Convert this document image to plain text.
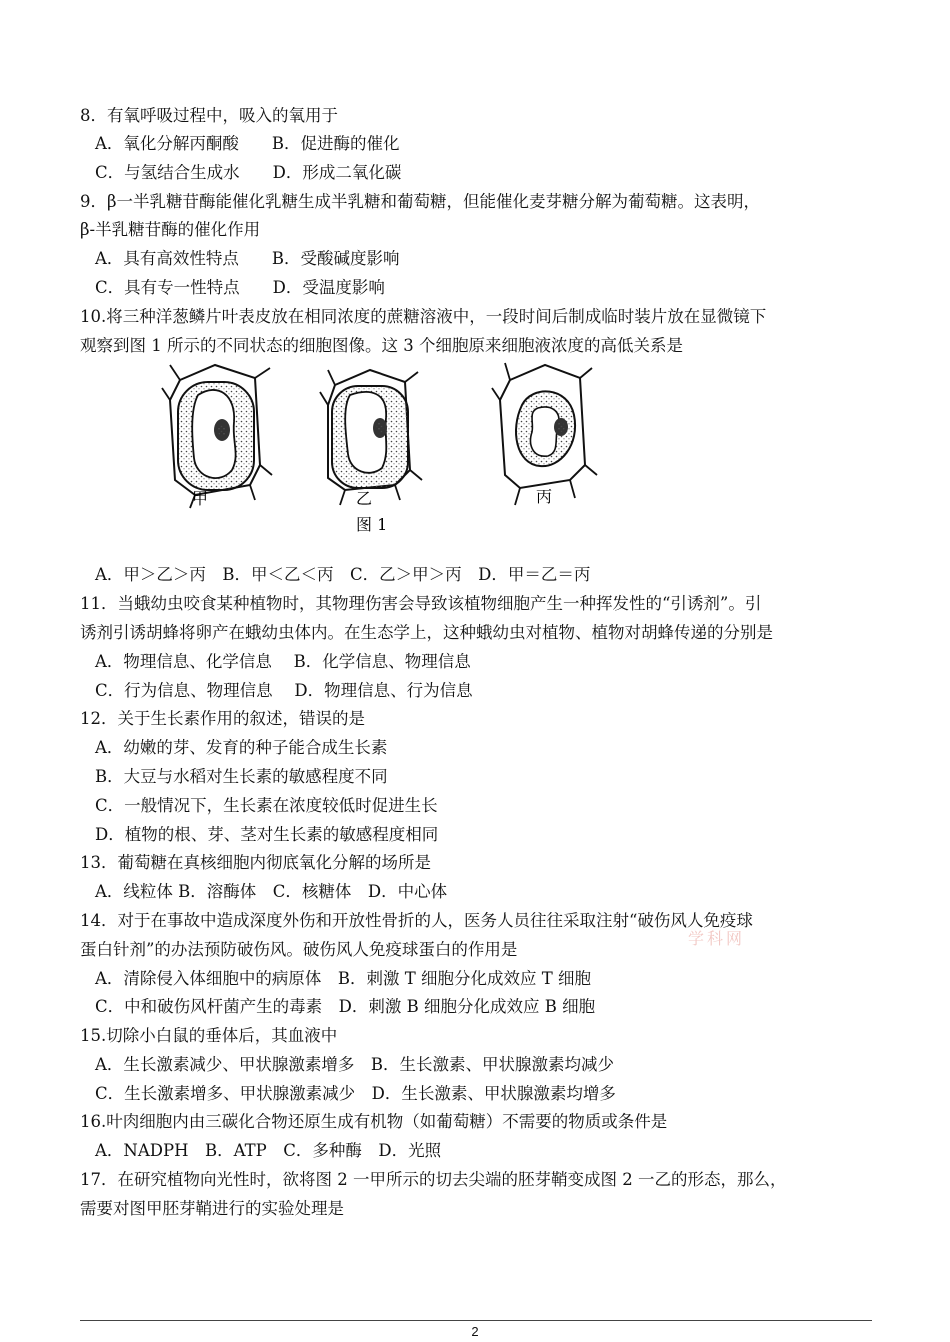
8．有氧呼吸过程中，吸入的氧用于
A．氧化分解丙酮酸　　B．促进酶的催化
C．与氢结合生成水　　D．形成二氧化碳
9．β一半乳糖苷酶能催化乳糖生成半乳糖和葡萄糖，但能催化麦芽糖分解为葡萄糖。这表明，
β-半乳糖苷酶的催化作用
A．具有高效性特点　　B．受酸碱度影响
C．具有专一性特点　　D．受温度影响
10.将三种洋葱鳞片叶表皮放在相同浓度的蔗糖溶液中，一段时间后制成临时装片放在显微镜下
观察到图 1 所示的不同状态的细胞图像。这 3 个细胞原来细胞液浓度的高低关系是
A．甲＞乙＞丙　B．甲＜乙＜丙　C．乙＞甲＞丙　D．甲＝乙＝丙
11．当蛾幼虫咬食某种植物时，其物理伤害会导致该植物细胞产生一种挥发性的“引诱剂”。引
诱剂引诱胡蜂将卵产在蛾幼虫体内。在生态学上，这种蛾幼虫对植物、植物对胡蜂传递的分别是
A．物理信息、化学信息　 B．化学信息、物理信息
C．行为信息、物理信息　 D．物理信息、行为信息
12．关于生长素作用的叙述，错误的是
A．幼嫩的芽、发育的种子能合成生长素
B．大豆与水稻对生长素的敏感程度不同
C．一般情况下，生长素在浓度较低时促进生长
D．植物的根、芽、茎对生长素的敏感程度相同
13．葡萄糖在真核细胞内彻底氧化分解的场所是
A．线粒体 B．溶酶体　C．核糖体　D．中心体
14．对于在事故中造成深度外伤和开放性骨折的人，医务人员往往采取注射“破伤风人免疫球
蛋白针剂”的办法预防破伤风。破伤风人免疫球蛋白的作用是
A．清除侵入体细胞中的病原体　B．刺激 T 细胞分化成效应 T 细胞
C．中和破伤风杆菌产生的毒素　D．刺激 B 细胞分化成效应 B 细胞
15.切除小白鼠的垂体后，其血液中
A．生长激素减少、甲状腺激素增多　B．生长激素、甲状腺激素均减少
C．生长激素增多、甲状腺激素减少　D．生长激素、甲状腺激素均增多
16.叶肉细胞内由三碳化合物还原生成有机物（如葡萄糖）不需要的物质或条件是
A．NADPH　B．ATP　C．多种酶　D．光照
17．在研究植物向光性时，欲将图 2 一甲所示的切去尖端的胚芽鞘变成图 2 一乙的形态，那么，
需要对图甲胚芽鞘进行的实验处理是
甲	乙	丙
图 1
学科网
2
